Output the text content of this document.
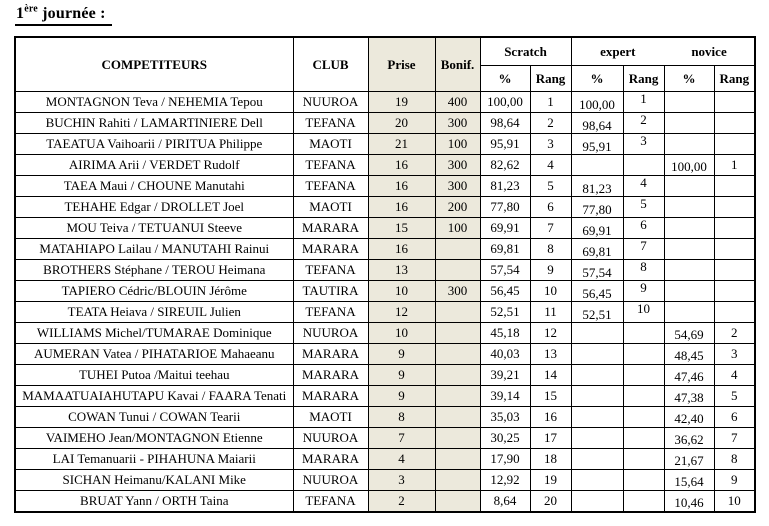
1ère journée :
COMPETITEURS	CLUB	Prise	Bonif.	Scratch		expert		novice	
				%	Rang	%	Rang	%	Rang
MONTAGNON Teva / NEHEMIA Tepou	NUUROA	19	400	100,00	1	100,00	1		
BUCHIN Rahiti / LAMARTINIERE Dell	TEFANA	20	300	98,64	2	98,64	2		
TAEATUA Vaihoarii / PIRITUA Philippe	MAOTI	21	100	95,91	3	95,91	3		
AIRIMA Arii / VERDET Rudolf	TEFANA	16	300	82,62	4			100,00	1
TAEA Maui / CHOUNE Manutahi	TEFANA	16	300	81,23	5	81,23	4		
TEHAHE Edgar / DROLLET Joel	MAOTI	16	200	77,80	6	77,80	5		
MOU Teiva / TETUANUI Steeve	MARARA	15	100	69,91	7	69,91	6		
MATAHIAPO Lailau / MANUTAHI Rainui	MARARA	16		69,81	8	69,81	7		
BROTHERS Stéphane / TEROU Heimana	TEFANA	13		57,54	9	57,54	8		
TAPIERO Cédric/BLOUIN Jérôme	TAUTIRA	10	300	56,45	10	56,45	9		
TEATA Heiava / SIREUIL Julien	TEFANA	12		52,51	11	52,51	10		
WILLIAMS Michel/TUMARAE Dominique	NUUROA	10		45,18	12			54,69	2
AUMERAN Vatea / PIHATARIOE Mahaeanu	MARARA	9		40,03	13			48,45	3
TUHEI Putoa /Maitui teehau	MARARA	9		39,21	14			47,46	4
MAMAATUAIAHUTAPU Kavai / FAARA Tenati	MARARA	9		39,14	15			47,38	5
COWAN Tunui / COWAN Tearii	MAOTI	8		35,03	16			42,40	6
VAIMEHO Jean/MONTAGNON Etienne	NUUROA	7		30,25	17			36,62	7
LAI Temanuarii - PIHAHUNA Maiarii	MARARA	4		17,90	18			21,67	8
SICHAN Heimanu/KALANI Mike	NUUROA	3		12,92	19			15,64	9
BRUAT Yann / ORTH Taina	TEFANA	2		8,64	20			10,46	10
